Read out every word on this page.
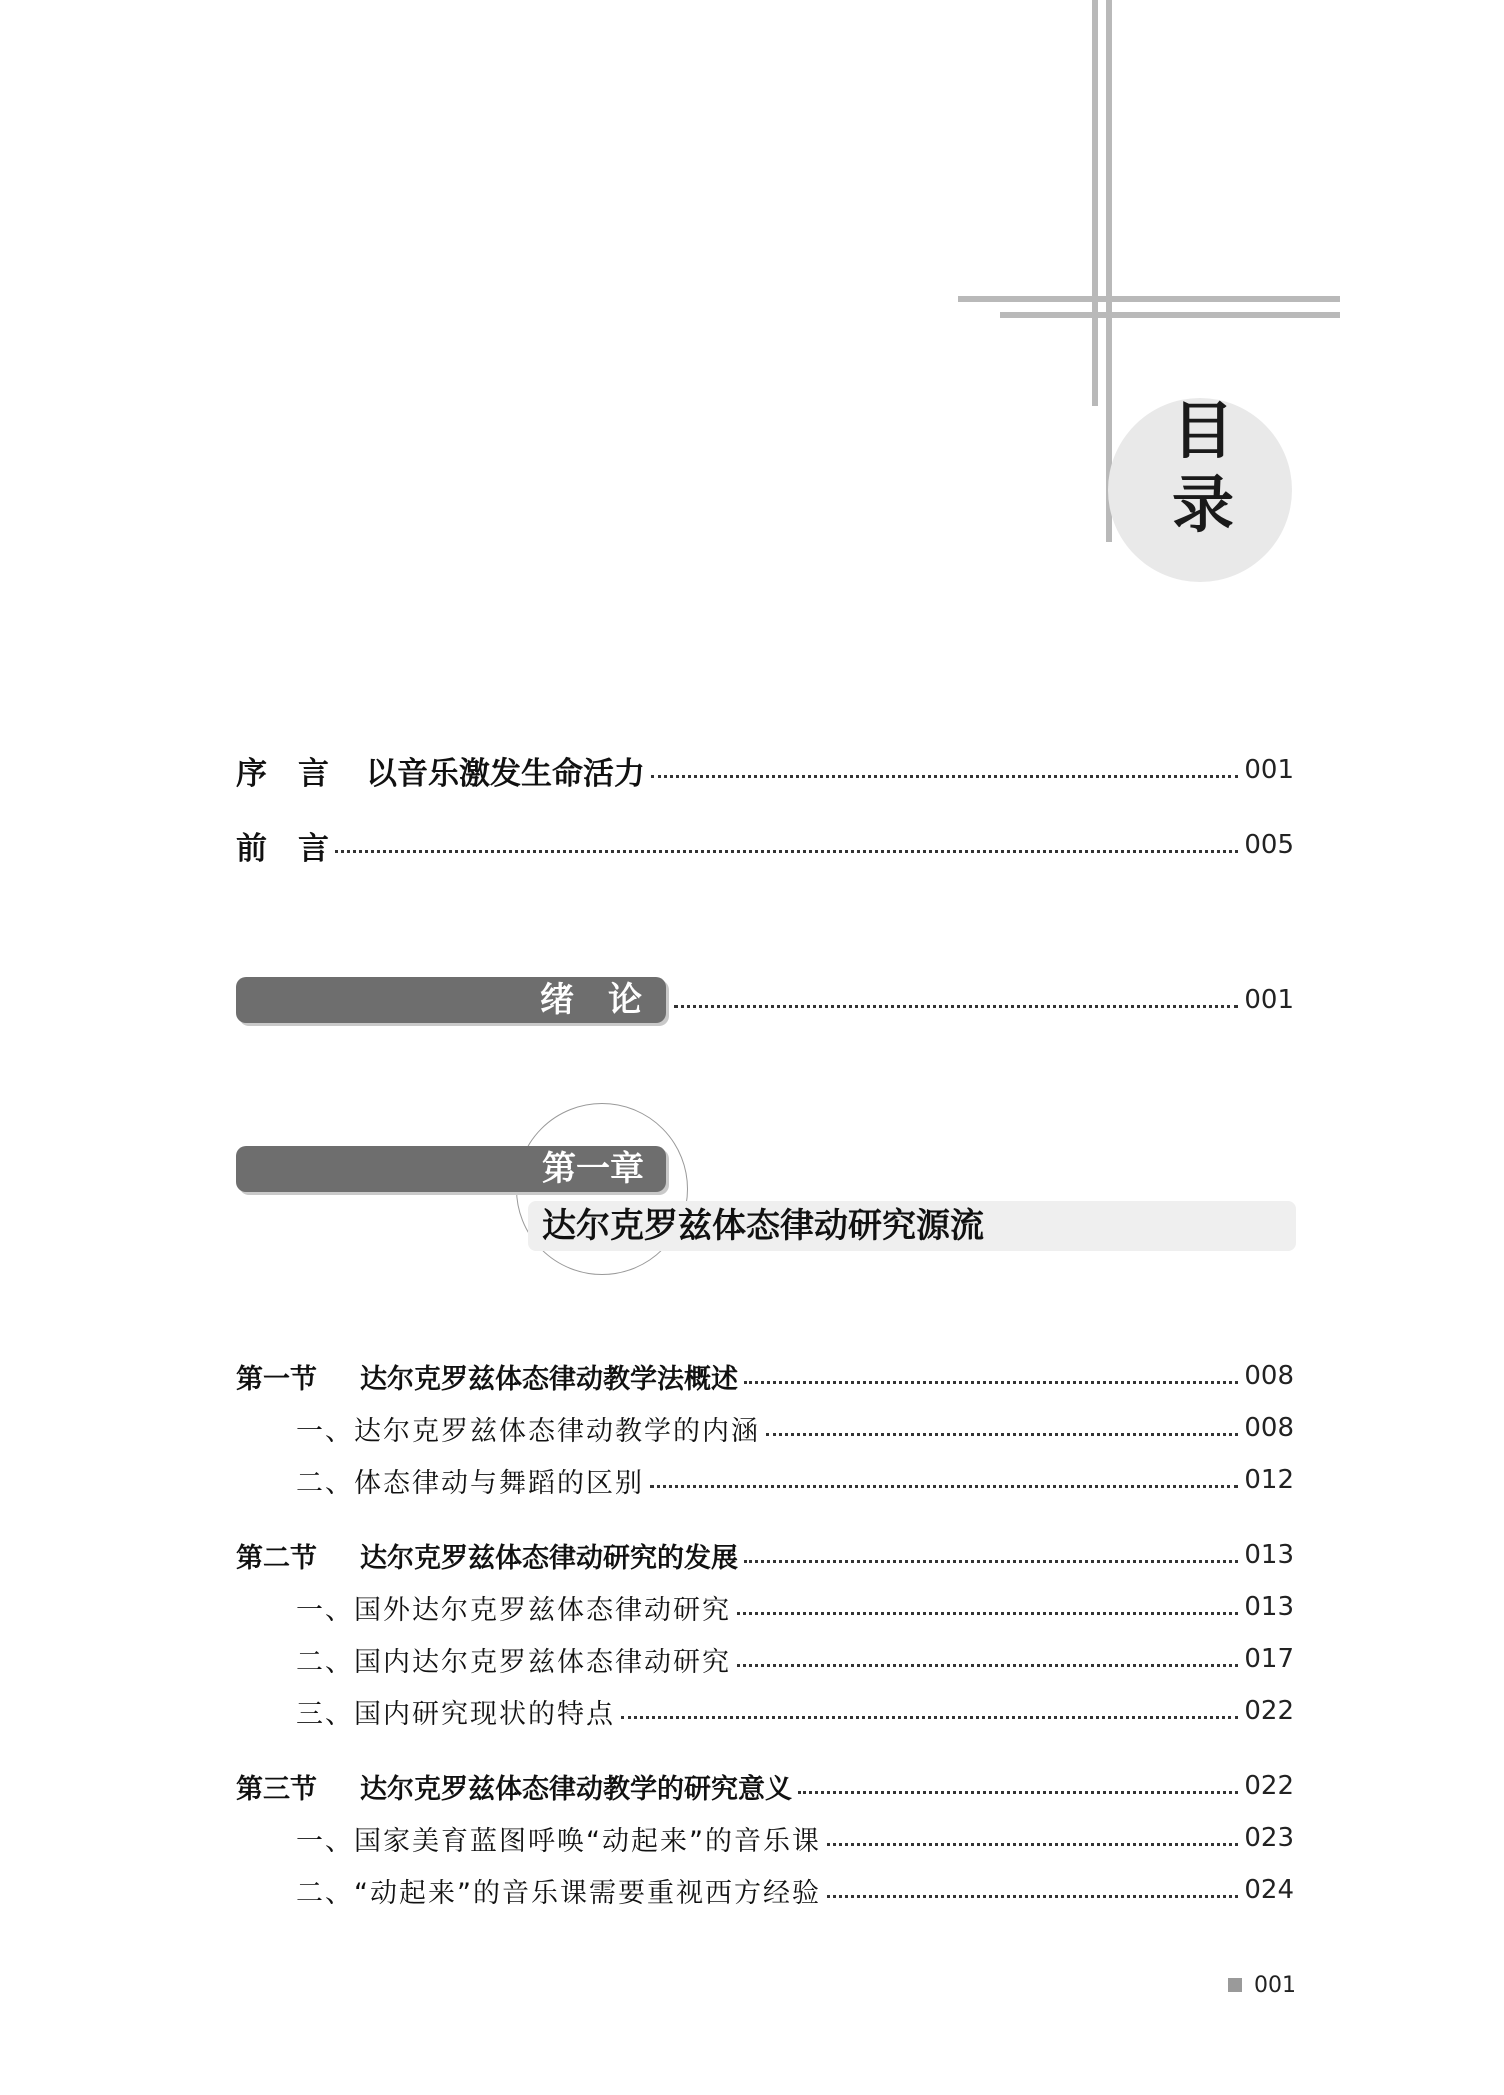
目
录
序　言 以音乐激发生命活力	001
前　言	005
绪　论	001
第一章
达尔克罗兹体态律动研究源流
第一节 达尔克罗兹体态律动教学法概述	008
一、达尔克罗兹体态律动教学的内涵	008
二、体态律动与舞蹈的区别	012
第二节 达尔克罗兹体态律动研究的发展	013
一、国外达尔克罗兹体态律动研究	013
二、国内达尔克罗兹体态律动研究	017
三、国内研究现状的特点	022
第三节 达尔克罗兹体态律动教学的研究意义	022
一、国家美育蓝图呼唤“动起来”的音乐课	023
二、“动起来”的音乐课需要重视西方经验	024
001
